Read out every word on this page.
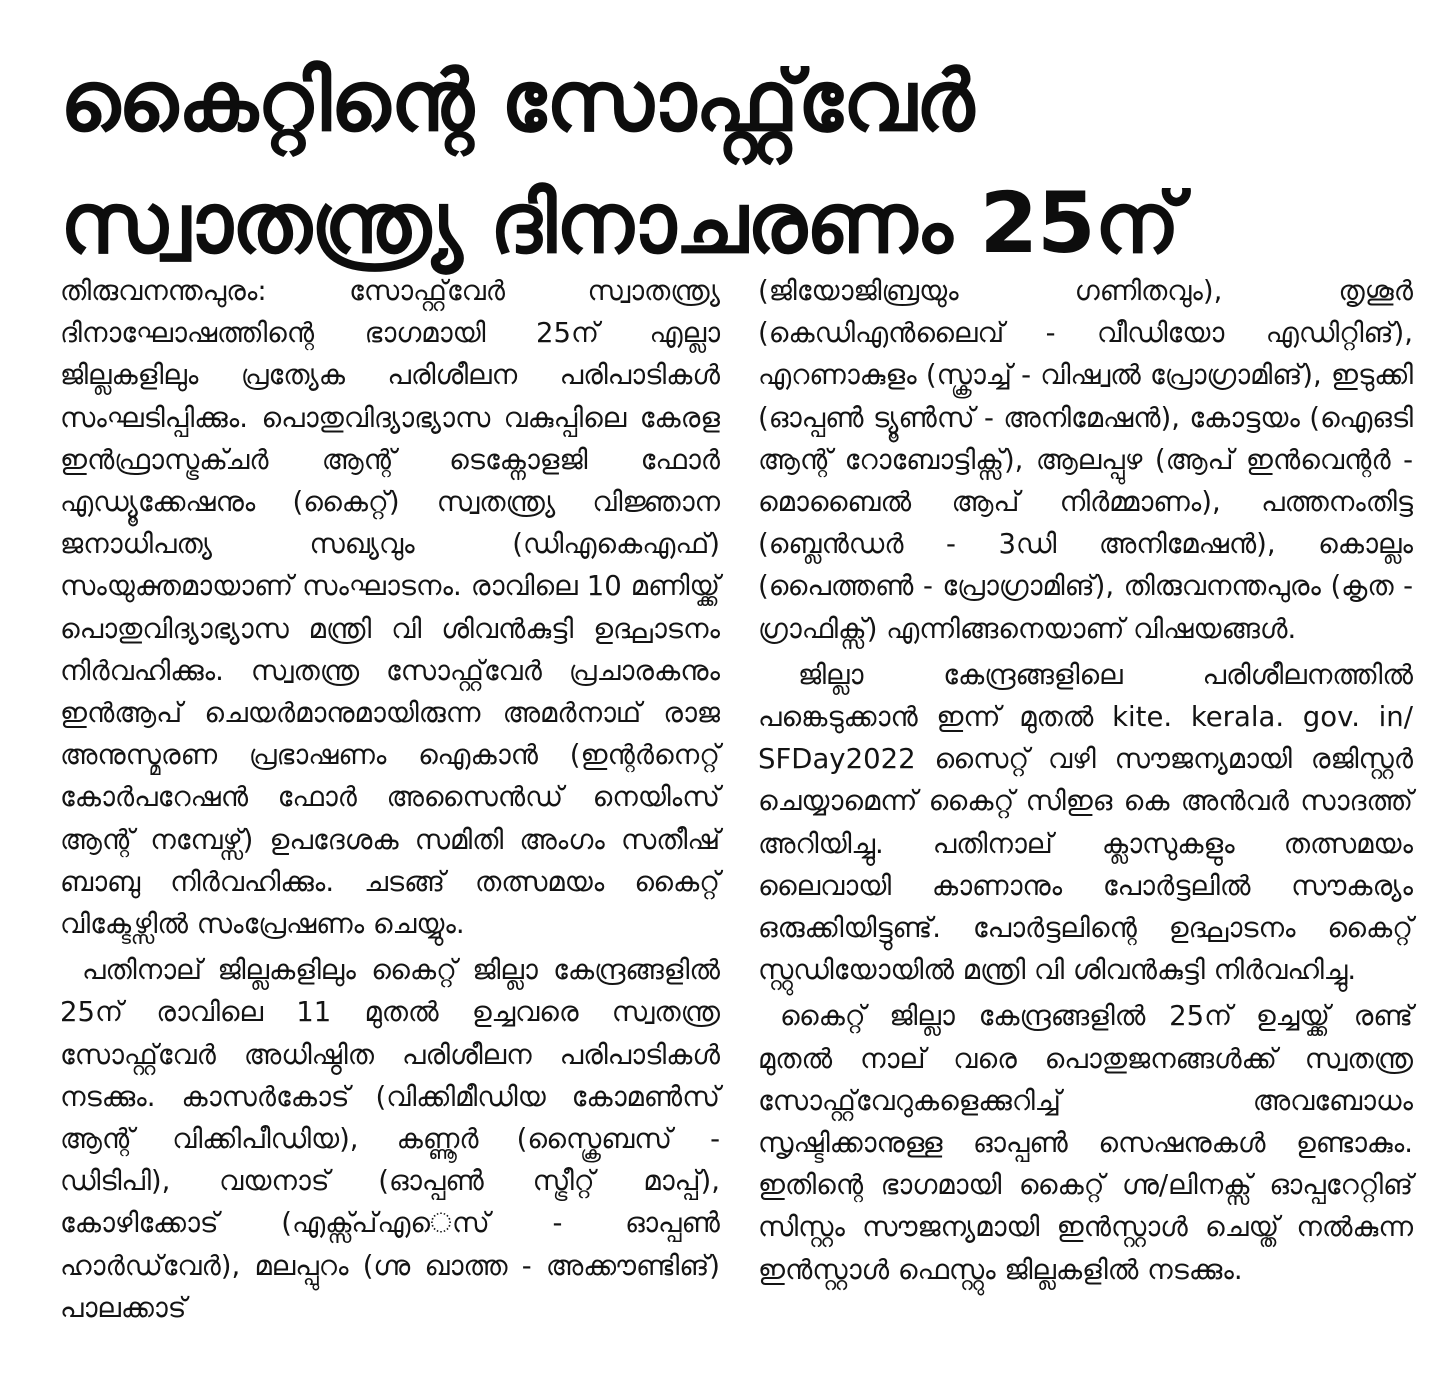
കൈറ്റിന്റെ സോഫ്റ്റ്‌വേർ
സ്വാതന്ത്ര്യ ദിനാചരണം 25ന്

തിരുവനന്തപുരം: സോഫ്റ്റ്‌വേർ സ്വാതന്ത്ര്യ ദിനാഘോഷത്തിന്റെ ഭാഗമായി 25ന് എല്ലാ ജില്ലകളിലും പ്രത്യേക പരിശീലന പരിപാടികൾ സംഘടിപ്പിക്കും. പൊതുവിദ്യാഭ്യാസ വകുപ്പിലെ കേരള ഇൻഫ്രാസ്ട്രക്ചർ ആന്റ് ടെക്നോളജി ഫോർ എഡ്യൂക്കേഷനും (കൈറ്റ്) സ്വതന്ത്ര്യ വിജ്ഞാന ജനാധിപത്യ സഖ്യവും (ഡിഎകെഎഫ്) സംയുക്തമായാണ് സംഘാടനം. രാവിലെ 10 മണിയ്ക്ക് പൊതുവിദ്യാഭ്യാസ മന്ത്രി വി ശിവൻകുട്ടി ഉദ്ഘാടനം നിർവഹിക്കും. സ്വതന്ത്ര സോഫ്റ്റ്‌വേർ പ്രചാരകനും ഇൻആപ് ചെയർമാനുമായിരുന്ന അമർനാഥ് രാജ അനുസ്മരണ പ്രഭാഷണം ഐകാൻ (ഇന്റർനെറ്റ് കോർപറേഷൻ ഫോർ അസൈൻഡ് നെയിംസ് ആന്റ് നമ്പേഴ്സ്) ഉപദേശക സമിതി അംഗം സതീഷ് ബാബു നിർവഹിക്കും. ചടങ്ങ് തത്സമയം കൈറ്റ് വിക്ടേഴ്സിൽ സംപ്രേഷണം ചെയ്യും.

പതിനാല് ജില്ലകളിലും കൈറ്റ് ജില്ലാ കേന്ദ്രങ്ങളിൽ 25ന് രാവിലെ 11 മുതൽ ഉച്ചവരെ സ്വതന്ത്ര സോഫ്റ്റ്‌വേർ അധിഷ്ഠിത പരിശീലന പരിപാടികൾ നടക്കും. കാസർകോട് (വിക്കിമീഡിയ കോമൺസ് ആന്റ് വിക്കിപീഡിയ), കണ്ണൂർ (സ്ക്രൈബസ് - ഡിടിപി), വയനാട് (ഓപ്പൺ സ്ട്രീറ്റ് മാപ്പ്), കോഴിക്കോട് (എക്സ്പ്എെസ് - ഓപ്പൺ ഹാർഡ്‌വേർ), മലപ്പുറം (ഗ്നു ഖാത്ത - അക്കൗണ്ടിങ്) പാലക്കാട്

(ജിയോജിബ്രയും ഗണിതവും), തൃശൂർ (കെഡിഎൻലൈവ് - വീഡിയോ എഡിറ്റിങ്), എറണാകുളം (സ്ക്രാച്ച് - വിഷ്വൽ പ്രോഗ്രാമിങ്), ഇടുക്കി (ഓപ്പൺ ട്യൂൺസ് - അനിമേഷൻ), കോട്ടയം (ഐഒടി ആന്റ് റോബോട്ടിക്സ്), ആലപ്പുഴ (ആപ് ഇൻവെന്റർ - മൊബൈൽ ആപ് നിർമ്മാണം), പത്തനംതിട്ട (ബ്ലെൻഡർ - 3ഡി അനിമേഷൻ), കൊല്ലം (പൈത്തൺ - പ്രോഗ്രാമിങ്), തിരുവനന്തപുരം (കൃത - ഗ്രാഫിക്സ്) എന്നിങ്ങനെയാണ് വിഷയങ്ങൾ.

ജില്ലാ കേന്ദ്രങ്ങളിലെ പരിശീലനത്തിൽ പങ്കെടുക്കാൻ ഇന്ന് മുതൽ kite. kerala. gov. in/ SFDay2022 സൈറ്റ് വഴി സൗജന്യമായി രജിസ്റ്റർ ചെയ്യാമെന്ന് കൈറ്റ് സിഇഒ കെ അൻവർ സാദത്ത് അറിയിച്ചു. പതിനാല് ക്ലാസുകളും തത്സമയം ലൈവായി കാണാനും പോർട്ടലിൽ സൗകര്യം ഒരുക്കിയിട്ടുണ്ട്. പോർട്ടലിന്റെ ഉദ്ഘാടനം കൈറ്റ് സ്റ്റുഡിയോയിൽ മന്ത്രി വി ശിവൻകുട്ടി നിർവഹിച്ചു.

കൈറ്റ് ജില്ലാ കേന്ദ്രങ്ങളിൽ 25ന് ഉച്ചയ്ക്ക് രണ്ട് മുതൽ നാല് വരെ പൊതുജനങ്ങൾക്ക് സ്വതന്ത്ര സോഫ്റ്റ്‌വേറുകളെക്കുറിച്ച് അവബോധം സൃഷ്ടിക്കാനുള്ള ഓപ്പൺ സെഷനുകൾ ഉണ്ടാകും. ഇതിന്റെ ഭാഗമായി കൈറ്റ് ഗ്നു/ലിനക്സ് ഓപ്പറേറ്റിങ് സിസ്റ്റം സൗജന്യമായി ഇൻസ്റ്റാൾ ചെയ്ത് നൽകുന്ന ഇൻസ്റ്റാൾ ഫെസ്റ്റും ജില്ലകളിൽ നടക്കും.
